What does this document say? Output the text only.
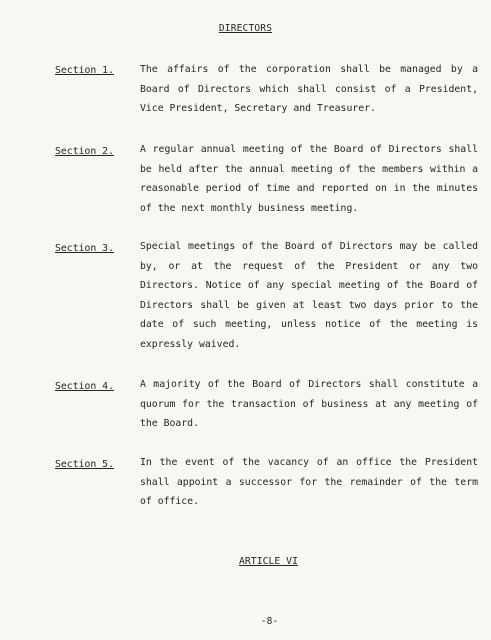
DIRECTORS
Section 1.	The affairs of the corporation shall be managed by a Board of Directors which shall consist of a President, Vice President, Secretary and Treasurer.
Section 2.	A regular annual meeting of the Board of Directors shall be held after the annual meeting of the members within a reasonable period of time and reported on in the minutes of the next monthly business meeting.
Section 3.	Special meetings of the Board of Directors may be called by, or at the request of the President or any two Directors. Notice of any special meeting of the Board of Directors shall be given at least two days prior to the date of such meeting, unless notice of the meeting is expressly waived.
Section 4.	A majority of the Board of Directors shall constitute a quorum for the transaction of business at any meeting of the Board.
Section 5.	In the event of the vacancy of an office the President shall appoint a successor for the remainder of the term of office.
ARTICLE VI
-8-
